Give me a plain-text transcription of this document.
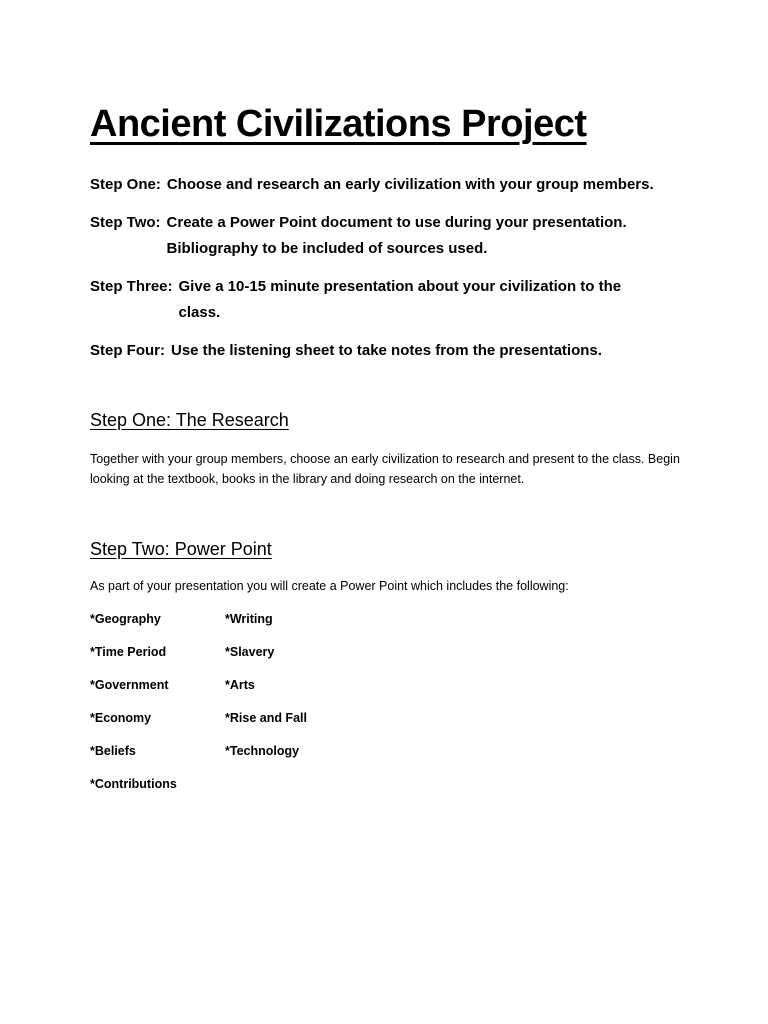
Ancient Civilizations Project
Step One: Choose and research an early civilization with your group members.
Step Two: Create a Power Point document to use during your presentation. Bibliography to be included of sources used.
Step Three: Give a 10-15 minute presentation about your civilization to the class.
Step Four: Use the listening sheet to take notes from the presentations.
Step One: The Research

Together with your group members, choose an early civilization to research and present to the class. Begin looking at the textbook, books in the library and doing research on the internet.

Step Two: Power Point

As part of your presentation you will create a Power Point which includes the following:

*Geography	*Writing
*Time Period	*Slavery
*Government	*Arts
*Economy	*Rise and Fall
*Beliefs	*Technology
*Contributions
